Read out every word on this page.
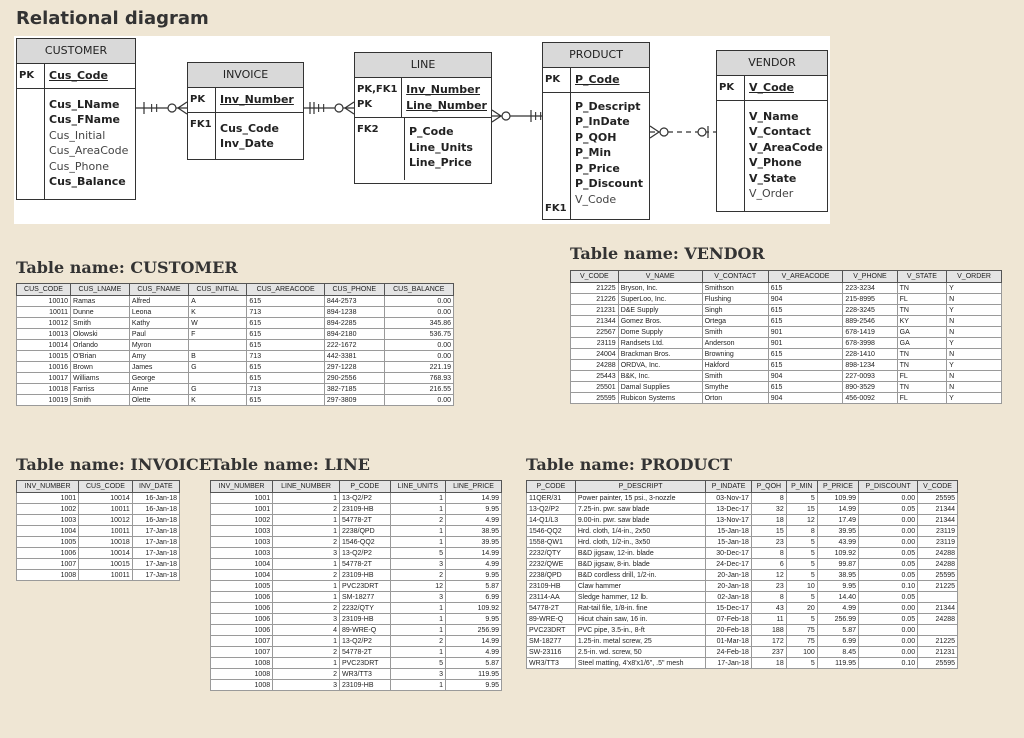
Relational diagram
H	H
H
CUSTOMER
PK	Cus_Code
Cus_LName
Cus_FName
Cus_Initial
Cus_AreaCode
Cus_Phone
Cus_Balance
INVOICE
PK	Inv_Number
FK1 Cus_Code
Inv_Date
LINE
PK,FK1
PK
Inv_Number
Line_Number
FK2	P_Code
Line_Units
Line_Price
PRODUCT
PK	P_Code
FK1
P_Descript
P_InDate
P_QOH
P_Min
P_Price
P_Discount
V_Code
VENDOR
PK	V_Code
V_Name
V_Contact
V_AreaCode
V_Phone
V_State
V_Order
Table name: CUSTOMER
Table name: VENDOR
Table name: INVOICE Table name: LINE	Table name: PRODUCT
CUS_CODE	CUS_LNAME	CUS_FNAME	CUS_INITIAL	CUS_AREACODE	CUS_PHONE	CUS_BALANCE
10010	Ramas	Alfred	A	615	844-2573	0.00
10011	Dunne	Leona	K	713	894-1238	0.00
10012	Smith	Kathy	W	615	894-2285	345.86
10013	Olowski	Paul	F	615	894-2180	536.75
10014	Orlando	Myron		615	222-1672	0.00
10015	O'Brian	Amy	B	713	442-3381	0.00
10016	Brown	James	G	615	297-1228	221.19
10017	Williams	George		615	290-2556	768.93
10018	Farriss	Anne	G	713	382-7185	216.55
10019	Smith	Olette	K	615	297-3809	0.00
V_CODE	V_NAME	V_CONTACT	V_AREACODE	V_PHONE	V_STATE	V_ORDER
21225	Bryson, Inc.	Smithson	615	223-3234	TN	Y
21226	SuperLoo, Inc.	Flushing	904	215-8995	FL	N
21231	D&E Supply	Singh	615	228-3245	TN	Y
21344	Gomez Bros.	Ortega	615	889-2546	KY	N
22567	Dome Supply	Smith	901	678-1419	GA	N
23119	Randsets Ltd.	Anderson	901	678-3998	GA	Y
24004	Brackman Bros.	Browning	615	228-1410	TN	N
24288	ORDVA, Inc.	Hakford	615	898-1234	TN	Y
25443	B&K, Inc.	Smith	904	227-0093	FL	N
25501	Damal Supplies	Smythe	615	890-3529	TN	N
25595	Rubicon Systems	Orton	904	456-0092	FL	Y
INV_NUMBER	CUS_CODE	INV_DATE
1001	10014	16-Jan-18
1002	10011	16-Jan-18
1003	10012	16-Jan-18
1004	10011	17-Jan-18
1005	10018	17-Jan-18
1006	10014	17-Jan-18
1007	10015	17-Jan-18
1008	10011	17-Jan-18
INV_NUMBER	LINE_NUMBER	P_CODE	LINE_UNITS	LINE_PRICE
1001	1	13-Q2/P2	1	14.99
1001	2	23109-HB	1	9.95
1002	1	54778-2T	2	4.99
1003	1	2238/QPD	1	38.95
1003	2	1546-QQ2	1	39.95
1003	3	13-Q2/P2	5	14.99
1004	1	54778-2T	3	4.99
1004	2	23109-HB	2	9.95
1005	1	PVC23DRT	12	5.87
1006	1	SM-18277	3	6.99
1006	2	2232/QTY	1	109.92
1006	3	23109-HB	1	9.95
1006	4	89-WRE-Q	1	256.99
1007	1	13-Q2/P2	2	14.99
1007	2	54778-2T	1	4.99
1008	1	PVC23DRT	5	5.87
1008	2	WR3/TT3	3	119.95
1008	3	23109-HB	1	9.95
P_CODE	P_DESCRIPT	P_INDATE	P_QOH	P_MIN	P_PRICE	P_DISCOUNT	V_CODE
11QER/31	Power painter, 15 psi., 3-nozzle	03-Nov-17	8	5	109.99	0.00	25595
13-Q2/P2	7.25-in. pwr. saw blade	13-Dec-17	32	15	14.99	0.05	21344
14-Q1/L3	9.00-in. pwr. saw blade	13-Nov-17	18	12	17.49	0.00	21344
1546-QQ2	Hrd. cloth, 1/4-in., 2x50	15-Jan-18	15	8	39.95	0.00	23119
1558-QW1	Hrd. cloth, 1/2-in., 3x50	15-Jan-18	23	5	43.99	0.00	23119
2232/QTY	B&D jigsaw, 12-in. blade	30-Dec-17	8	5	109.92	0.05	24288
2232/QWE	B&D jigsaw, 8-in. blade	24-Dec-17	6	5	99.87	0.05	24288
2238/QPD	B&D cordless drill, 1/2-in.	20-Jan-18	12	5	38.95	0.05	25595
23109-HB	Claw hammer	20-Jan-18	23	10	9.95	0.10	21225
23114-AA	Sledge hammer, 12 lb.	02-Jan-18	8	5	14.40	0.05	
54778-2T	Rat-tail file, 1/8-in. fine	15-Dec-17	43	20	4.99	0.00	21344
89-WRE-Q	Hicut chain saw, 16 in.	07-Feb-18	11	5	256.99	0.05	24288
PVC23DRT	PVC pipe, 3.5-in., 8-ft	20-Feb-18	188	75	5.87	0.00	
SM-18277	1.25-in. metal screw, 25	01-Mar-18	172	75	6.99	0.00	21225
SW-23116	2.5-in. wd. screw, 50	24-Feb-18	237	100	8.45	0.00	21231
WR3/TT3	Steel matting, 4'x8'x1/6", .5" mesh	17-Jan-18	18	5	119.95	0.10	25595
